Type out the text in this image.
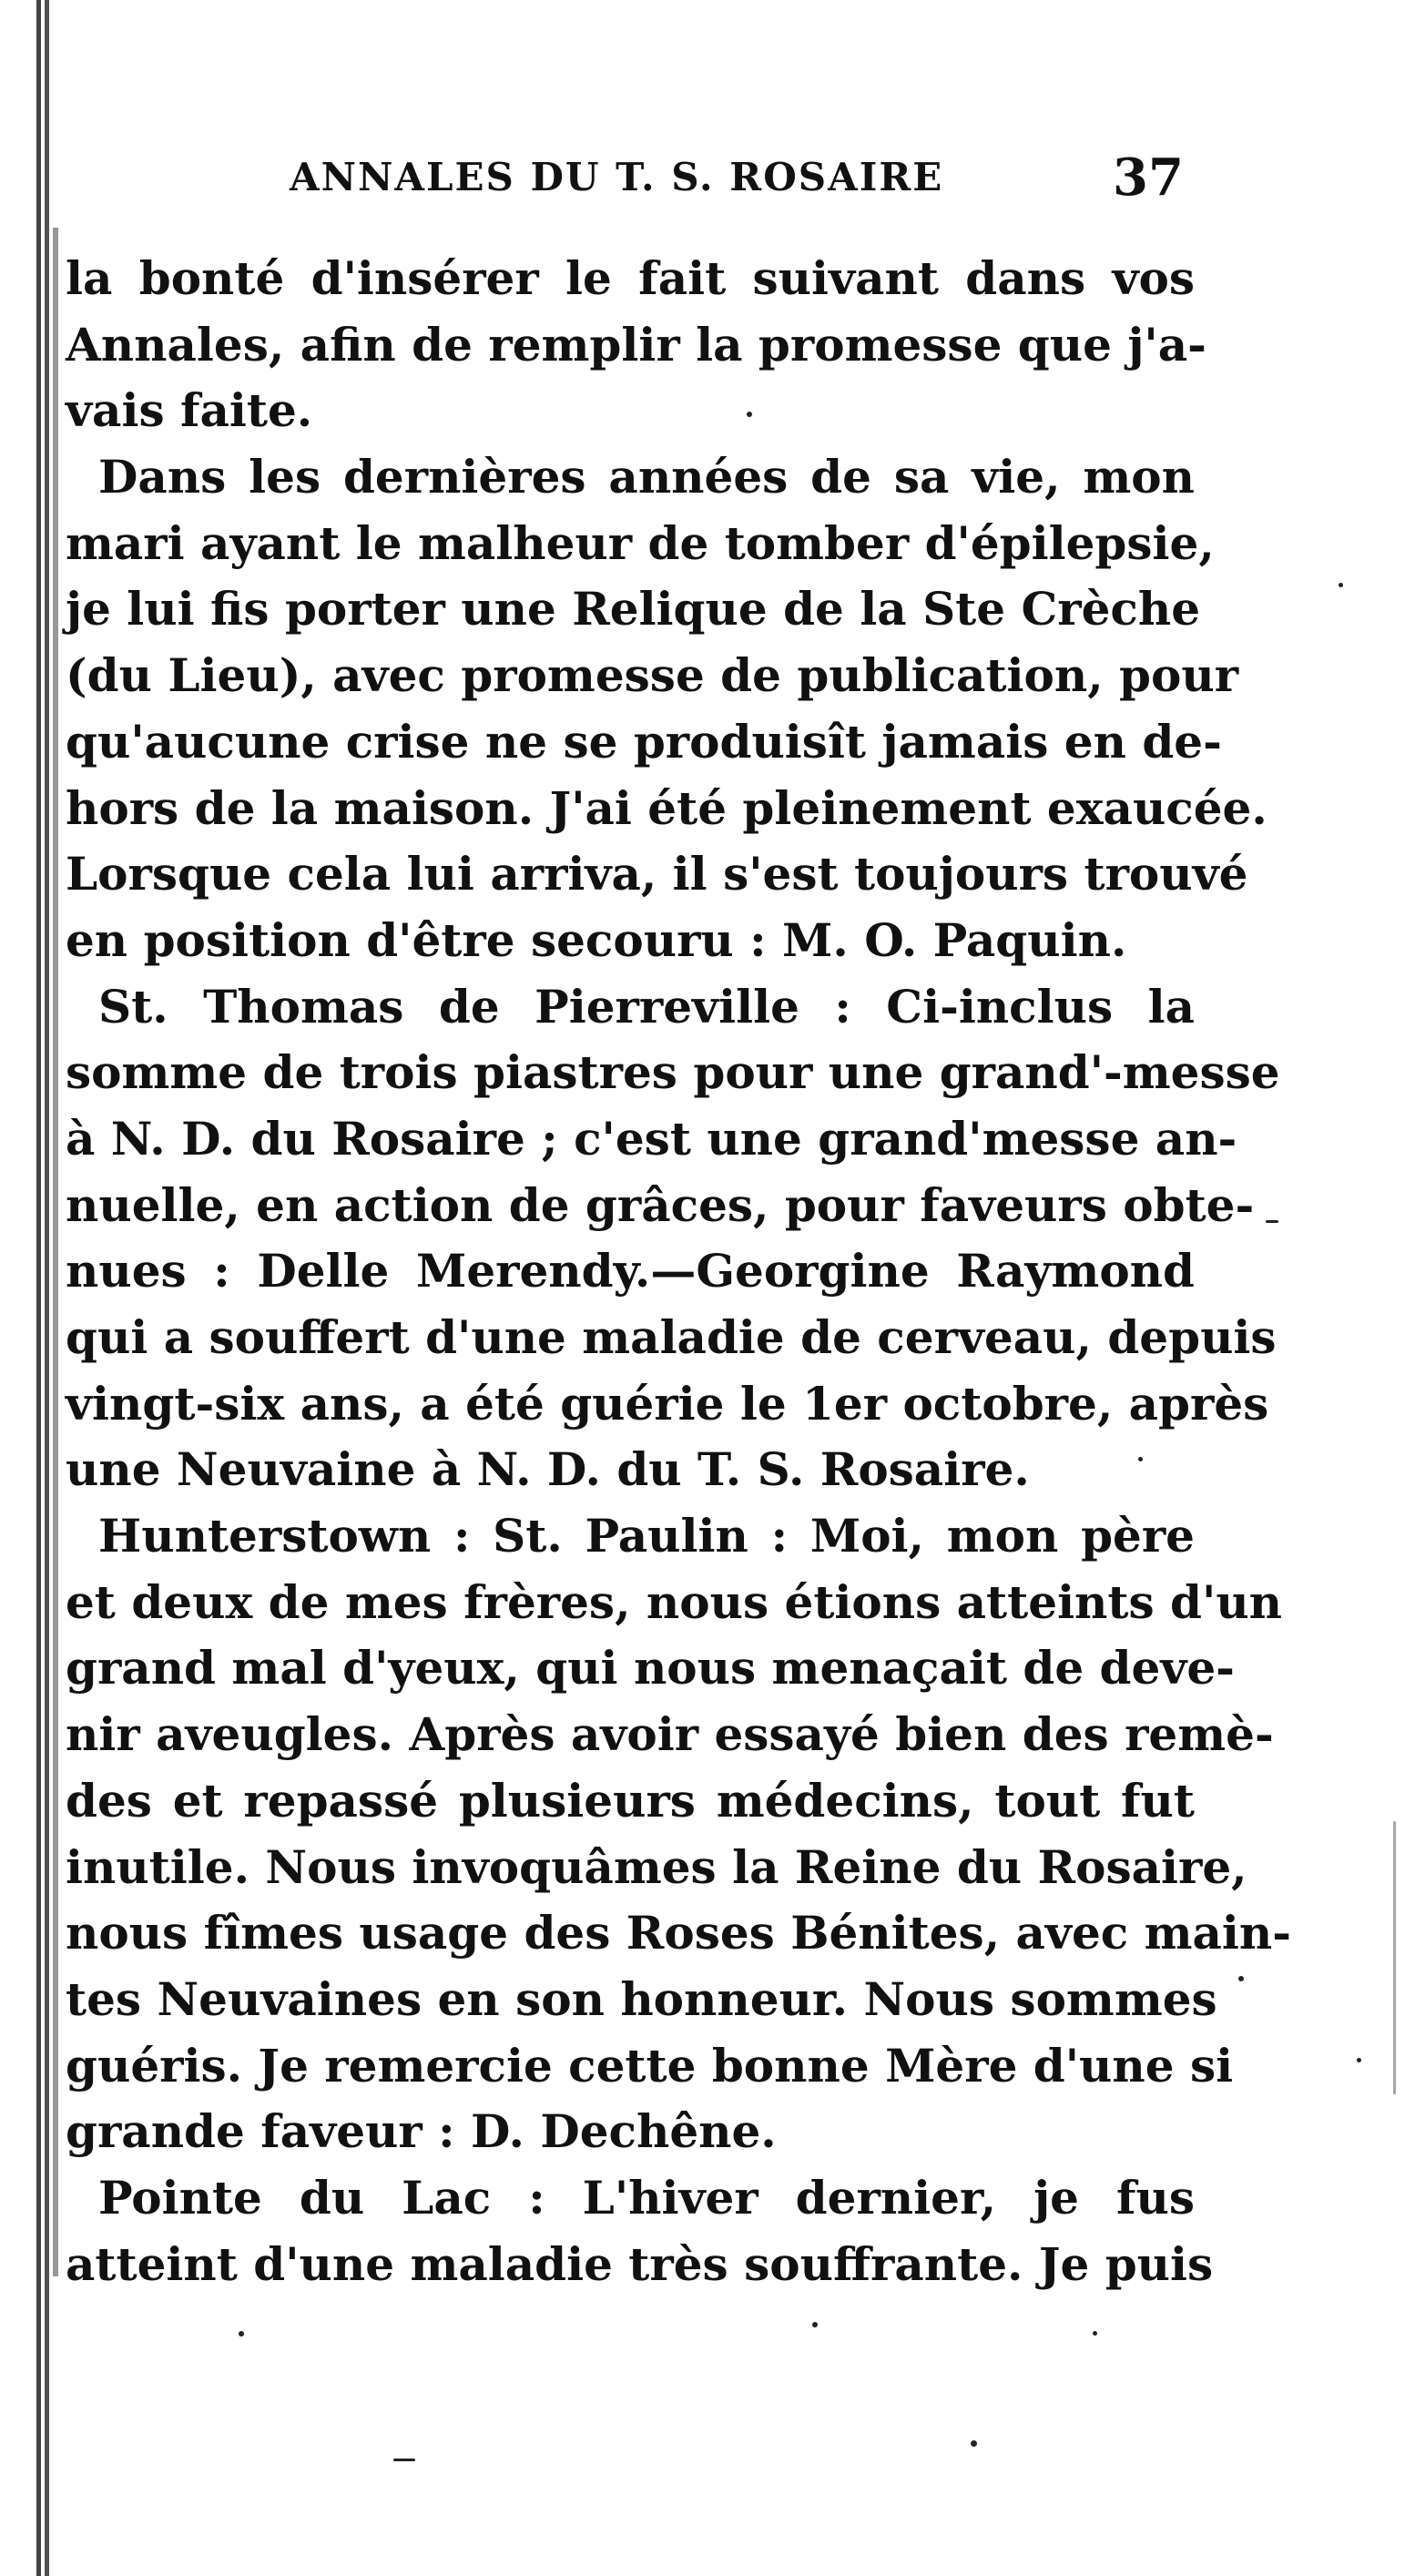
ANNALES DU T. S. ROSAIRE	37
la bonté d'insérer le fait suivant dans vos
Annales, afin de remplir la promesse que j'a-
vais faite.
Dans les dernières années de sa vie, mon
mari ayant le malheur de tomber d'épilepsie,
je lui fis porter une Relique de la Ste Crèche
(du Lieu), avec promesse de publication, pour
qu'aucune crise ne se produisît jamais en de-
hors de la maison. J'ai été pleinement exaucée.
Lorsque cela lui arriva, il s'est toujours trouvé
en position d'être secouru : M. O. Paquin.
St. Thomas de Pierreville : Ci-inclus la
somme de trois piastres pour une grand'-messe
à N. D. du Rosaire ; c'est une grand'messe an-
nuelle, en action de grâces, pour faveurs obte-
nues : Delle Merendy.—Georgine Raymond
qui a souffert d'une maladie de cerveau, depuis
vingt-six ans, a été guérie le 1er octobre, après
une Neuvaine à N. D. du T. S. Rosaire.
Hunterstown : St. Paulin : Moi, mon père
et deux de mes frères, nous étions atteints d'un
grand mal d'yeux, qui nous menaçait de deve-
nir aveugles. Après avoir essayé bien des remè-
des et repassé plusieurs médecins, tout fut
inutile. Nous invoquâmes la Reine du Rosaire,
nous fîmes usage des Roses Bénites, avec main-
tes Neuvaines en son honneur. Nous sommes
guéris. Je remercie cette bonne Mère d'une si
grande faveur : D. Dechêne.
Pointe du Lac : L'hiver dernier, je fus
atteint d'une maladie très souffrante. Je puis
